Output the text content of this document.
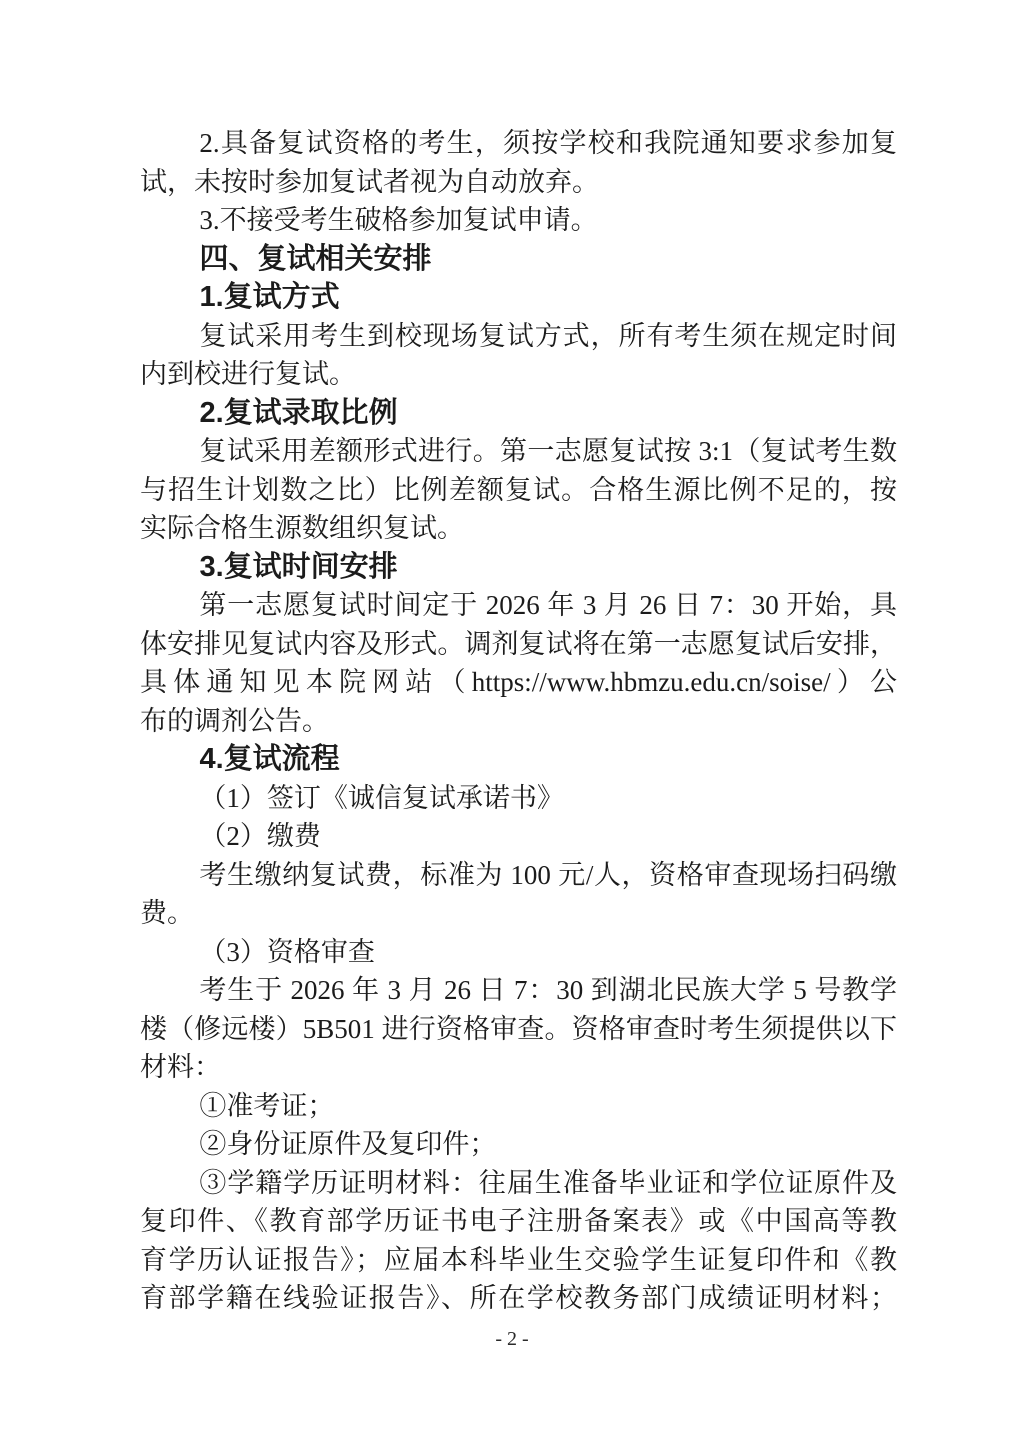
2.具备复试资格的考生，须按学校和我院通知要求参加复
试，未按时参加复试者视为自动放弃。
3.不接受考生破格参加复试申请。
四、复试相关安排
1.复试方式
复试采用考生到校现场复试方式，所有考生须在规定时间
内到校进行复试。
2.复试录取比例
复试采用差额形式进行。第一志愿复试按 3:1（复试考生数
与招生计划数之比）比例差额复试。合格生源比例不足的，按
实际合格生源数组织复试。
3.复试时间安排
第一志愿复试时间定于 2026 年 3 月 26 日 7：30 开始，具
体安排见复试内容及形式。调剂复试将在第一志愿复试后安排，
具体通知见本院网站（https://www.hbmzu.edu.cn/soise/）公
布的调剂公告。
4.复试流程
（1）签订《诚信复试承诺书》
（2）缴费
考生缴纳复试费，标准为 100 元/人，资格审查现场扫码缴
费。
（3）资格审查
考生于 2026 年 3 月 26 日 7：30 到湖北民族大学 5 号教学
楼（修远楼）5B501 进行资格审查。资格审查时考生须提供以下
材料：
①准考证；
②身份证原件及复印件；
③学籍学历证明材料：往届生准备毕业证和学位证原件及
复印件、《教育部学历证书电子注册备案表》或《中国高等教
育学历认证报告》；应届本科毕业生交验学生证复印件和《教
育部学籍在线验证报告》、所在学校教务部门成绩证明材料；
- 2 -
